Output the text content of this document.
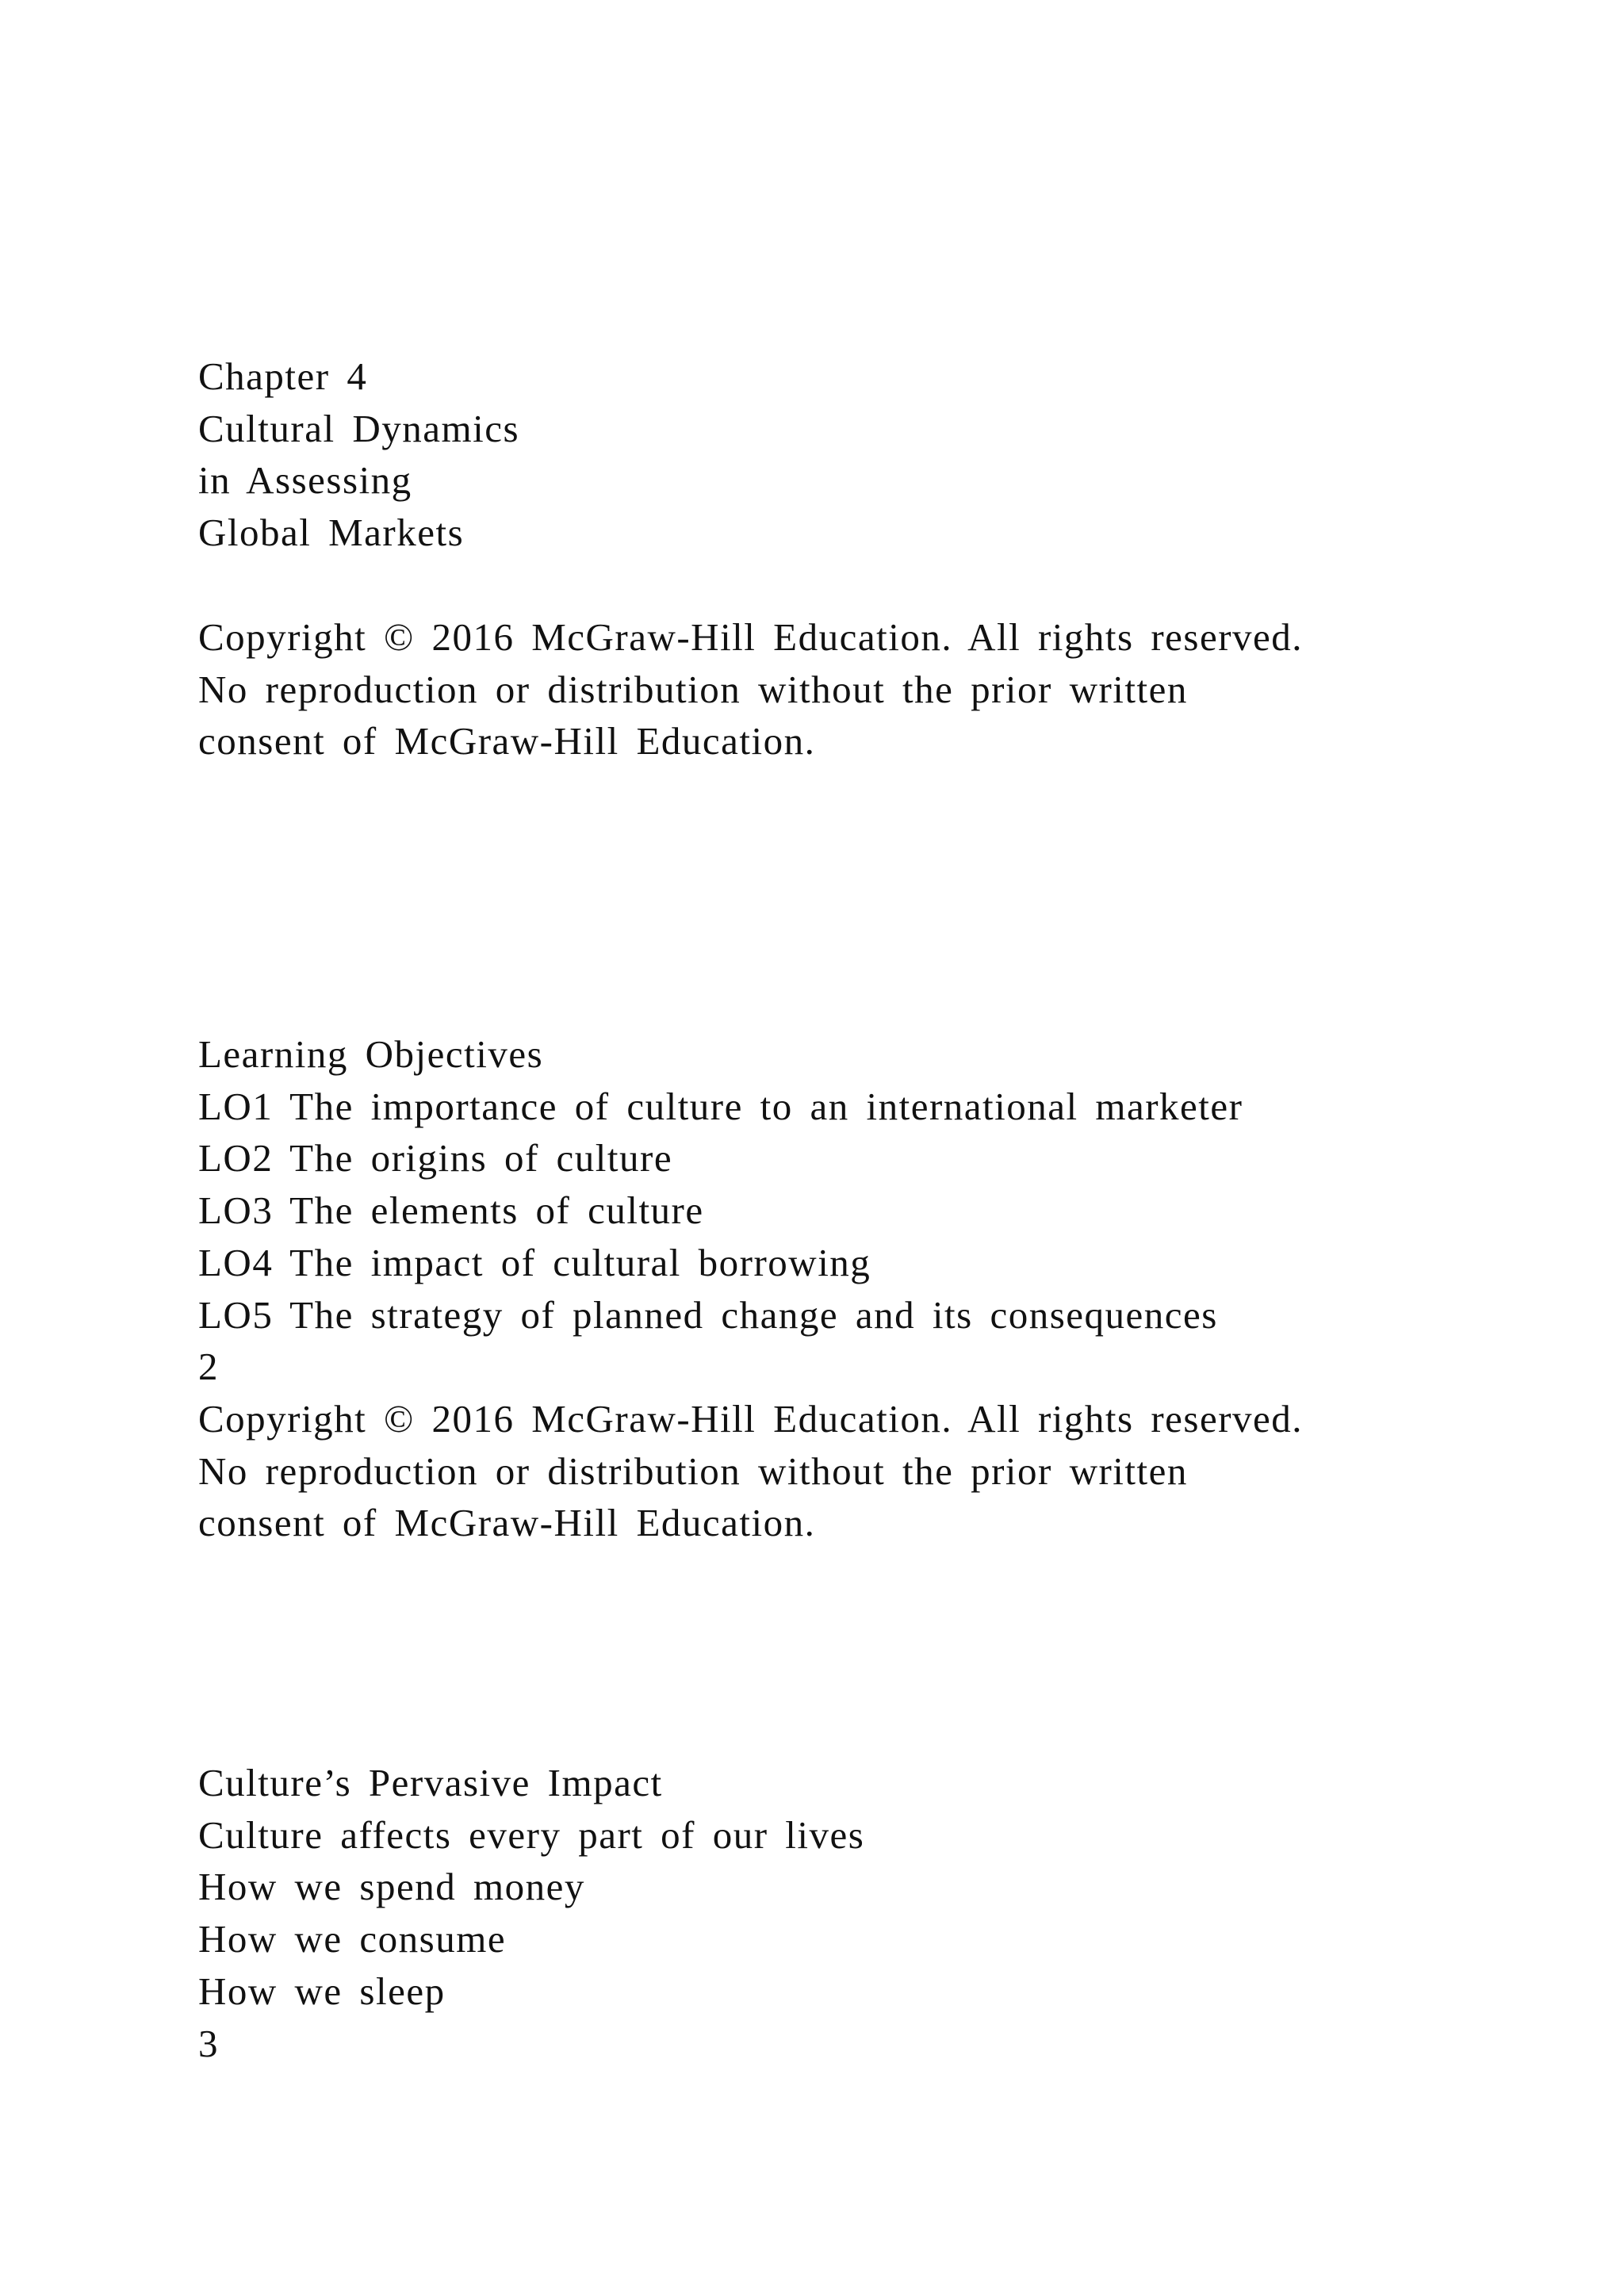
Chapter 4
Cultural Dynamics
in Assessing
Global Markets
Copyright © 2016 McGraw-Hill Education. All rights reserved.
No reproduction or distribution without the prior written
consent of McGraw-Hill Education.
Learning Objectives
LO1 The importance of culture to an international marketer
LO2 The origins of culture
LO3 The elements of culture
LO4 The impact of cultural borrowing
LO5 The strategy of planned change and its consequences
2
Copyright © 2016 McGraw-Hill Education. All rights reserved.
No reproduction or distribution without the prior written
consent of McGraw-Hill Education.
Culture’s Pervasive Impact
Culture affects every part of our lives
How we spend money
How we consume
How we sleep
3
